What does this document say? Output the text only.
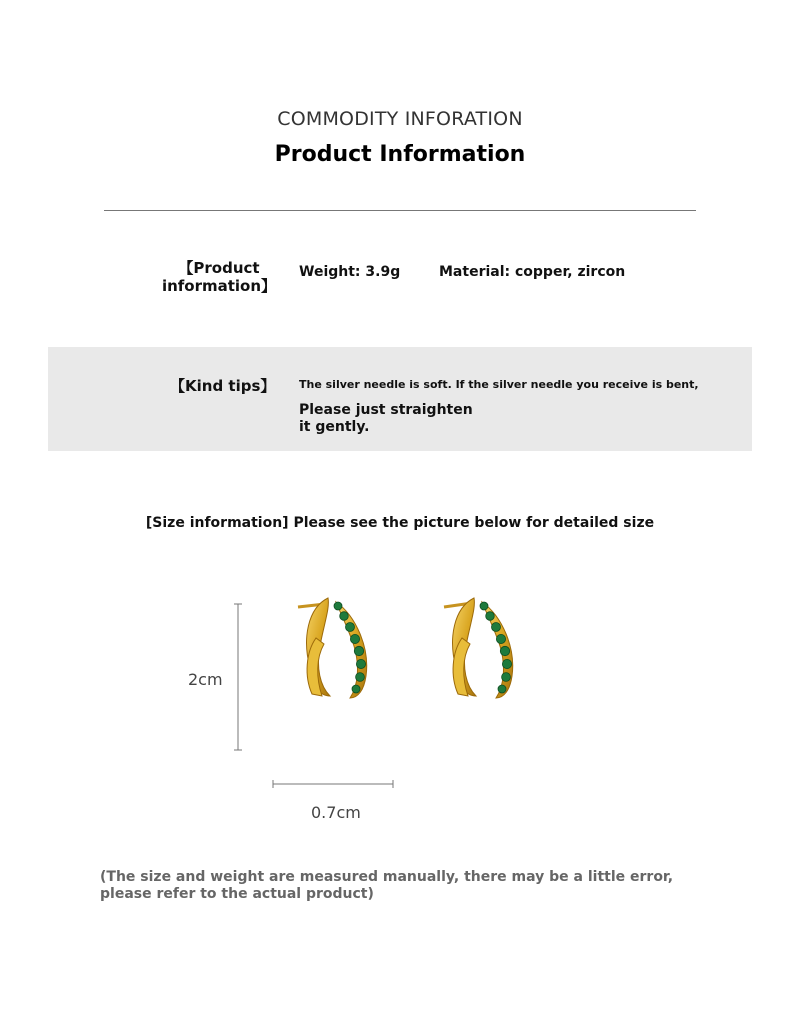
COMMODITY INFORATION
Product Information
【Product information】
Weight: 3.9g	Material: copper, zircon
【Kind tips】 The silver needle is soft. If the silver needle you receive is bent,
Please just straighten it gently.
[Size information] Please see the picture below for detailed size
2cm
0.7cm
(The size and weight are measured manually, there may be a little error, please refer to the actual product)
